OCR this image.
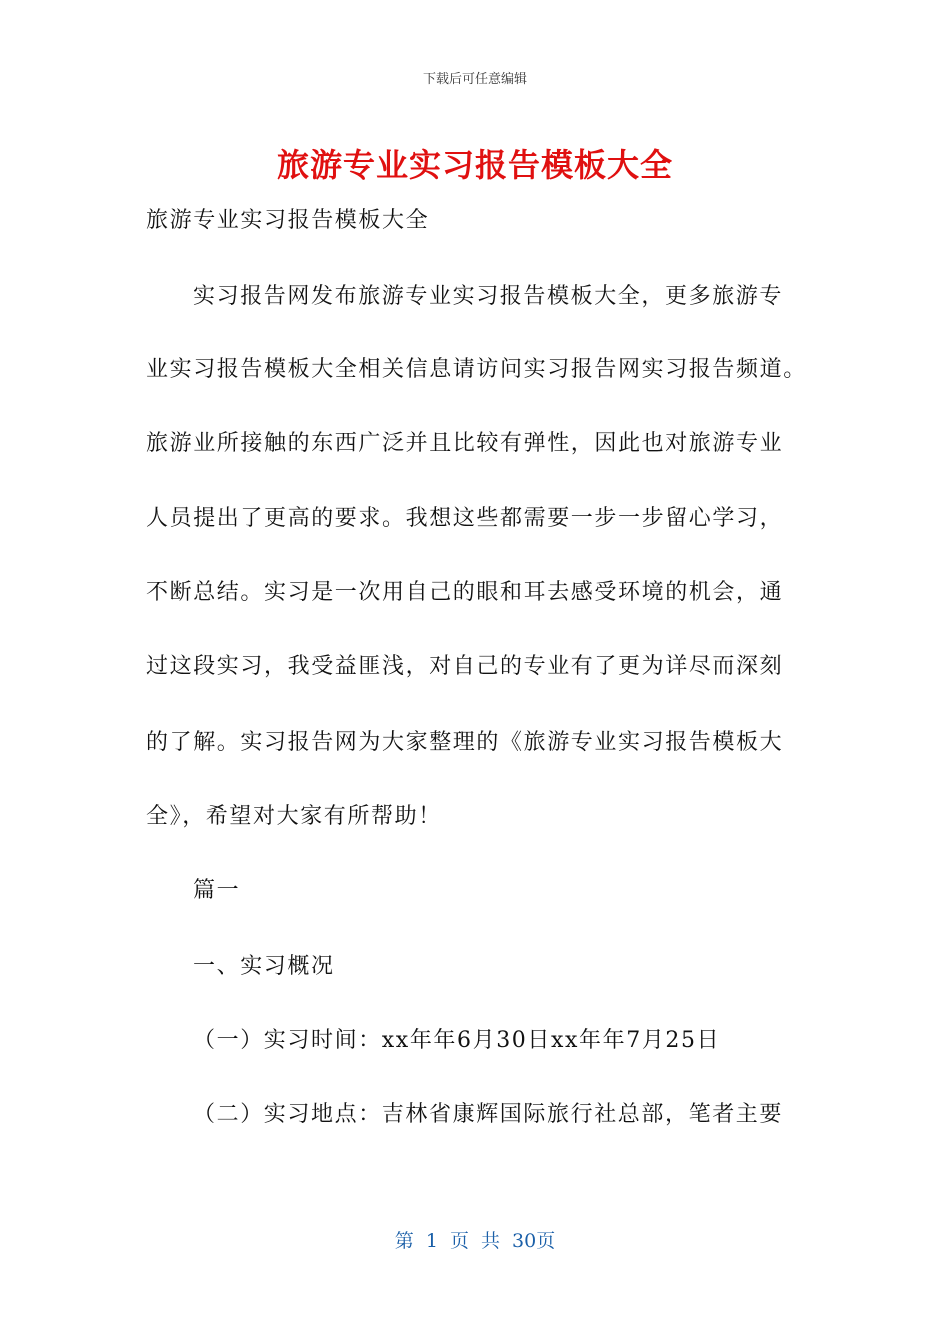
下载后可任意编辑
旅游专业实习报告模板大全
旅游专业实习报告模板大全
实习报告网发布旅游专业实习报告模板大全，更多旅游专
业实习报告模板大全相关信息请访问实习报告网实习报告频道。
旅游业所接触的东西广泛并且比较有弹性，因此也对旅游专业
人员提出了更高的要求。我想这些都需要一步一步留心学习，
不断总结。实习是一次用自己的眼和耳去感受环境的机会，通
过这段实习，我受益匪浅，对自己的专业有了更为详尽而深刻
的了解。实习报告网为大家整理的《旅游专业实习报告模板大
全》，希望对大家有所帮助！
篇一
一、实习概况
（一）实习时间：xx年年6月30日xx年年7月25日
（二）实习地点：吉林省康辉国际旅行社总部，笔者主要
第 1 页 共 30页
